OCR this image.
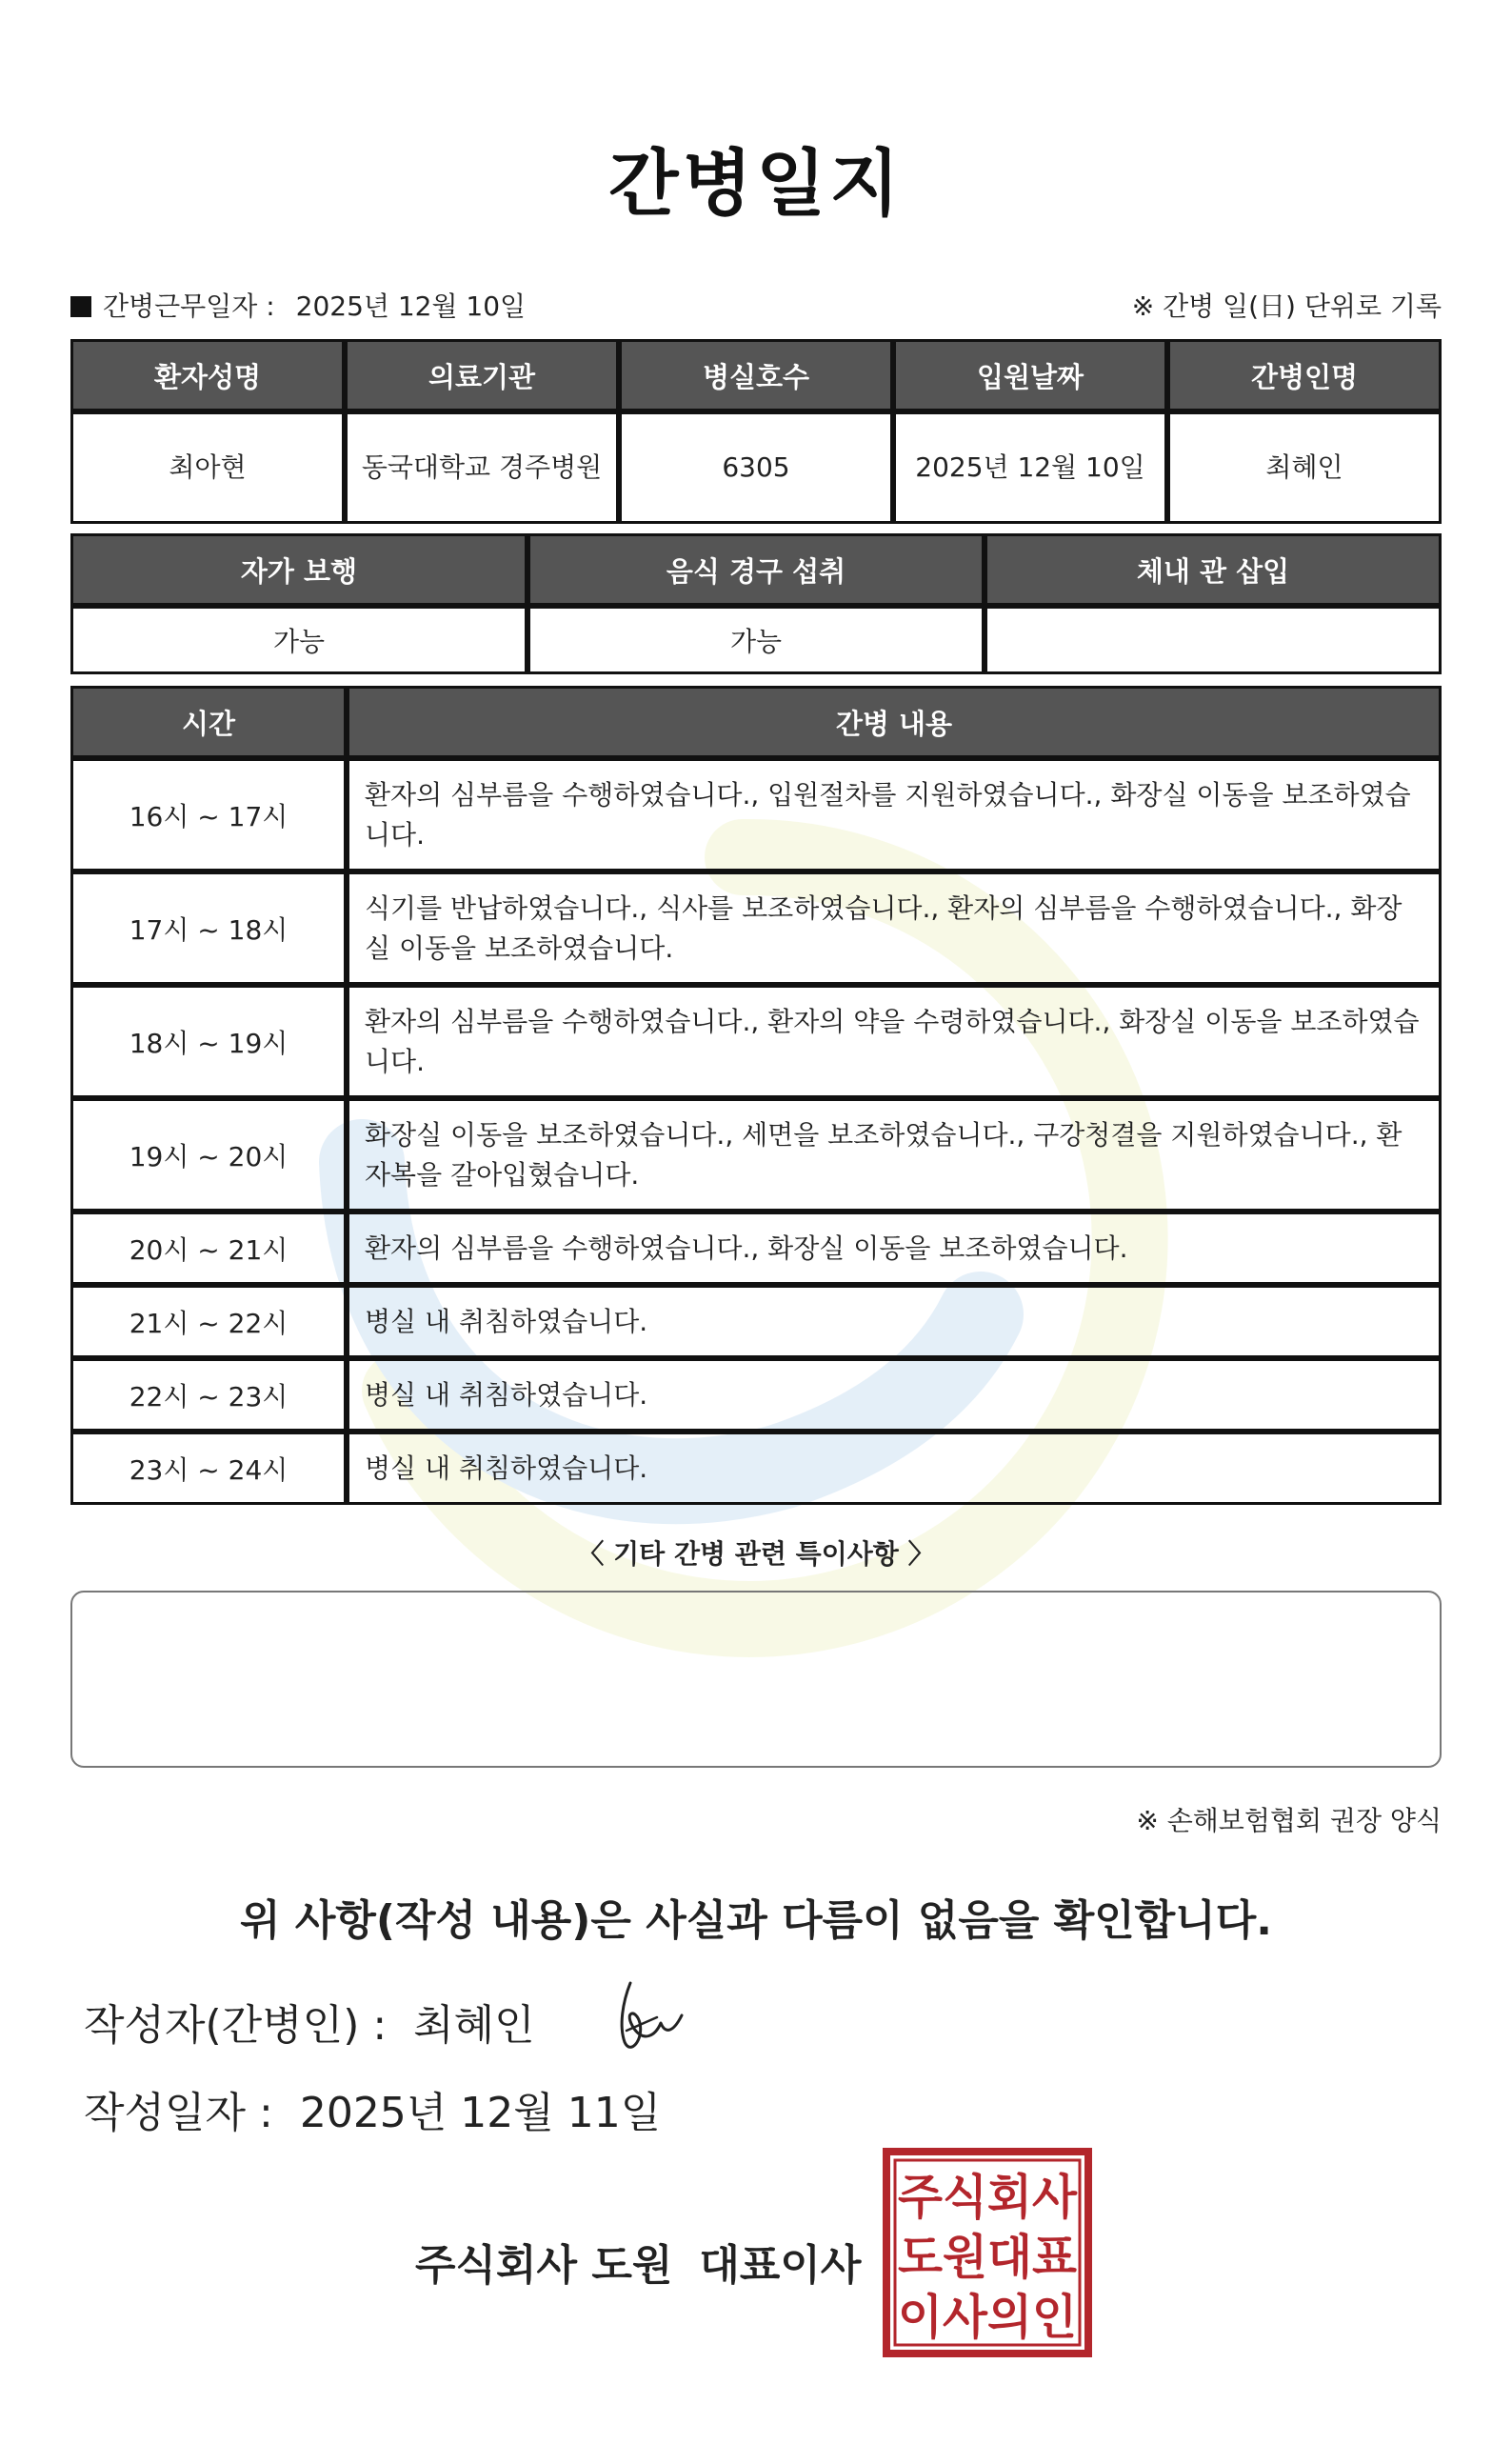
간병일지
간병근무일자 : 2025년 12월 10일	※ 간병 일(日) 단위로 기록
환자성명	의료기관	병실호수	입원날짜	간병인명
최아현	동국대학교 경주병원	6305	2025년 12월 10일	최혜인
자가 보행	음식 경구 섭취	체내 관 삽입
가능	가능	
시간	간병 내용
16시 ~ 17시	환자의 심부름을 수행하였습니다., 입원절차를 지원하였습니다., 화장실 이동을 보조하였습니다.
17시 ~ 18시	식기를 반납하였습니다., 식사를 보조하였습니다., 환자의 심부름을 수행하였습니다., 화장실 이동을 보조하였습니다.
18시 ~ 19시	환자의 심부름을 수행하였습니다., 환자의 약을 수령하였습니다., 화장실 이동을 보조하였습니다.
19시 ~ 20시	화장실 이동을 보조하였습니다., 세면을 보조하였습니다., 구강청결을 지원하였습니다., 환자복을 갈아입혔습니다.
20시 ~ 21시	환자의 심부름을 수행하였습니다., 화장실 이동을 보조하였습니다.
21시 ~ 22시	병실 내 취침하였습니다.
22시 ~ 23시	병실 내 취침하였습니다.
23시 ~ 24시	병실 내 취침하였습니다.
〈 기타 간병 관련 특이사항 〉
※ 손해보험협회 권장 양식
위 사항(작성 내용)은 사실과 다름이 없음을 확인합니다.
작성자(간병인) : 최혜인
작성일자 : 2025년 12월 11일
주식회사 도원 대표이사
주식회사
도원대표
이사의인
